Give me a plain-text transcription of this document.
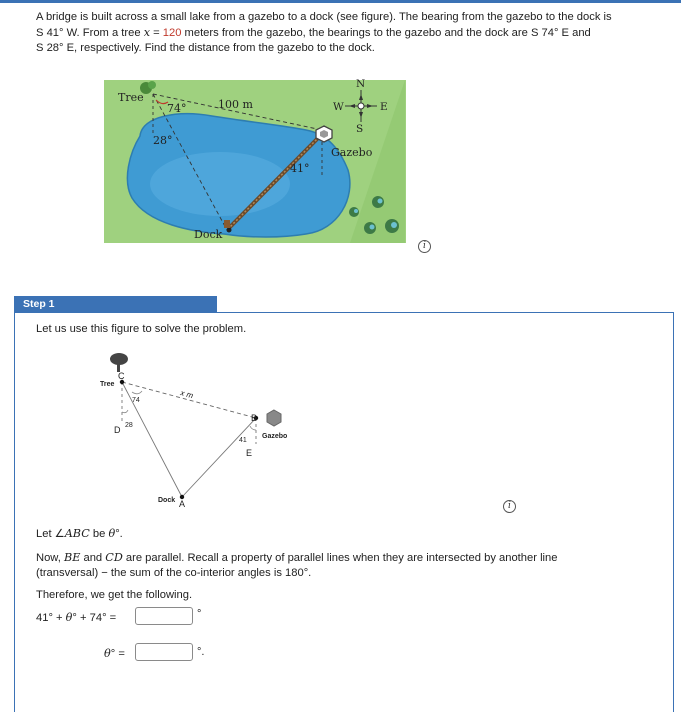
A bridge is built across a small lake from a gazebo to a dock (see figure). The bearing from the gazebo to the dock is
S 41° W. From a tree x = 120 meters from the gazebo, the bearings to the gazebo and the dock are S 74° E and
S 28° E, respectively. Find the distance from the gazebo to the dock.
Tree
74°	100 m
28°
41°
Dock
Gazebo
N
S
E
W
i
Step 1
Let us use this figure to solve the problem.
Tree
C
x m
74
D 28
B
Gazebo
41
E
Dock A	i
Let ∠ABC be θ°.
Now, BE and CD are parallel. Recall a property of parallel lines when they are intersected by another line
(transversal) − the sum of the co-interior angles is 180°.
Therefore, we get the following.
41° + θ° + 74° =	°
θ° =	°.
